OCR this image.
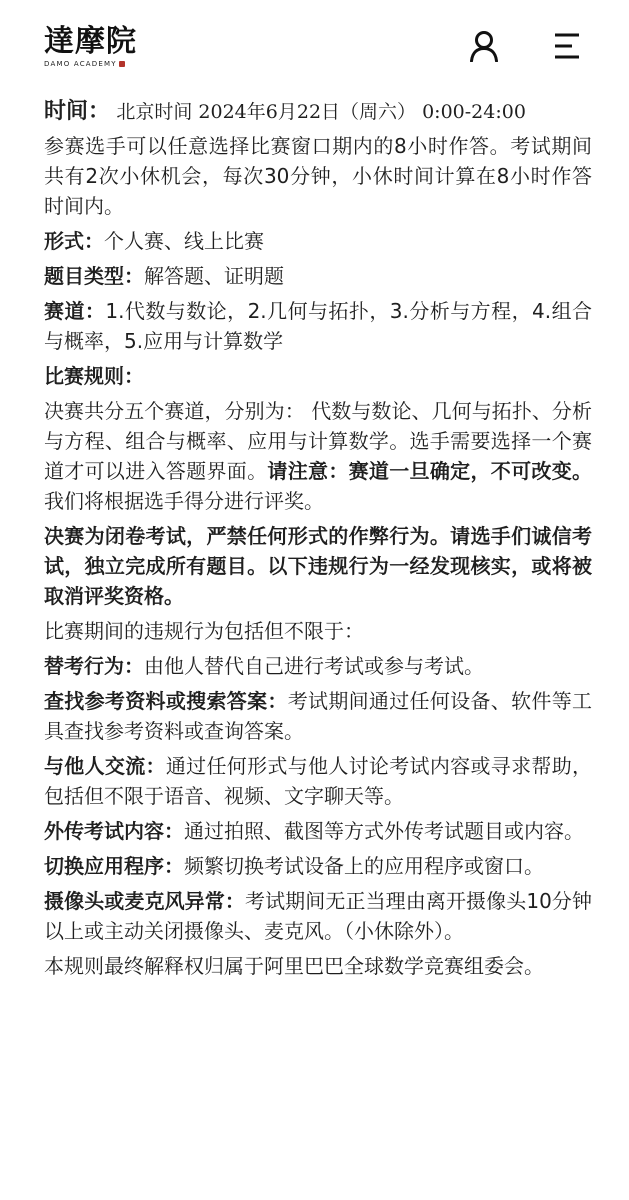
達摩院
DAMO ACADEMY
时间： 北京时间 2024年6月22日（周六） 0:00-24:00
参赛选手可以任意选择比赛窗口期内的8小时作答。考试期间共有2次小休机会，每次30分钟，小休时间计算在8小时作答时间内。
形式：个人赛、线上比赛
题目类型：解答题、证明题
赛道：1.代数与数论，2.几何与拓扑，3.分析与方程，4.组合与概率，5.应用与计算数学
比赛规则：
决赛共分五个赛道，分别为： 代数与数论、几何与拓扑、分析与方程、组合与概率、应用与计算数学。选手需要选择一个赛道才可以进入答题界面。请注意：赛道一旦确定，不可改变。我们将根据选手得分进行评奖。
决赛为闭卷考试，严禁任何形式的作弊行为。请选手们诚信考试，独立完成所有题目。以下违规行为一经发现核实，或将被取消评奖资格。
比赛期间的违规行为包括但不限于：
替考行为：由他人替代自己进行考试或参与考试。
查找参考资料或搜索答案：考试期间通过任何设备、软件等工具查找参考资料或查询答案。
与他人交流：通过任何形式与他人讨论考试内容或寻求帮助，包括但不限于语音、视频、文字聊天等。
外传考试内容：通过拍照、截图等方式外传考试题目或内容。
切换应用程序：频繁切换考试设备上的应用程序或窗口。
摄像头或麦克风异常：考试期间无正当理由离开摄像头10分钟以上或主动关闭摄像头、麦克风。（小休除外）。
本规则最终解释权归属于阿里巴巴全球数学竞赛组委会。
